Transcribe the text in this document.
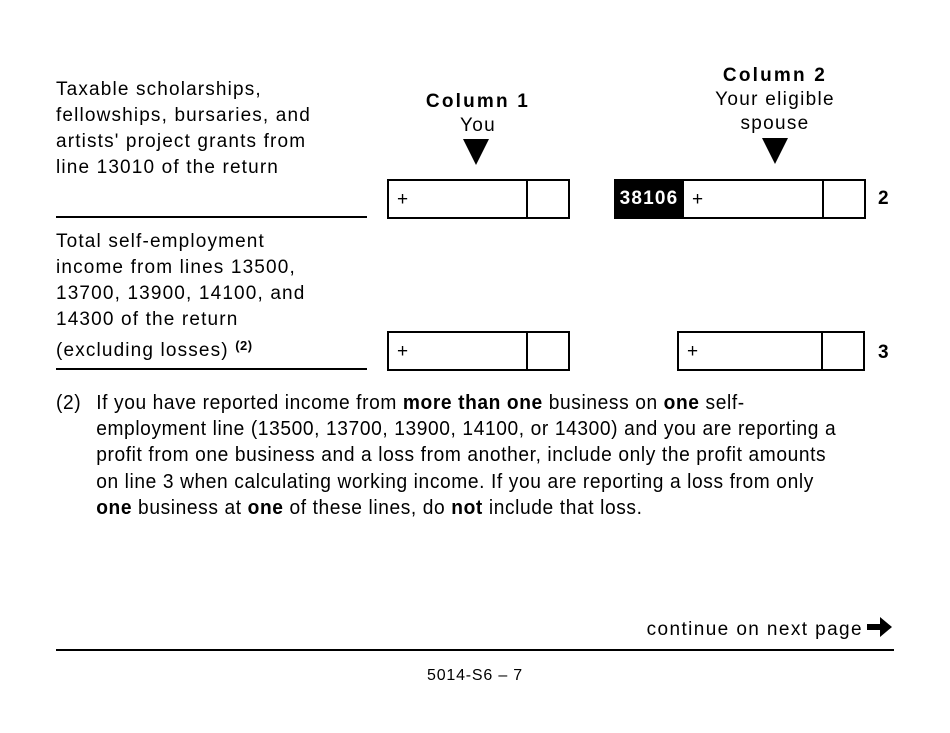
Column 1
You
Column 2
Your eligible
spouse
Taxable scholarships,
fellowships, bursaries, and
artists' project grants from
line 13010 of the return
+	38106 +	2
Total self-employment
income from lines 13500,
13700, 13900, 14100, and
14300 of the return
(excluding losses) $^{(2)}$	+	+	3
(2) If you have reported income from more than one business on one self-employment line (13500, 13700, 13900, 14100, or 14300) and you are reporting a profit from one business and a loss from another, include only the profit amounts on line 3 when calculating working income. If you are reporting a loss from only one business at one of these lines, do not include that loss.
continue on next page
5014-S6 – 7
